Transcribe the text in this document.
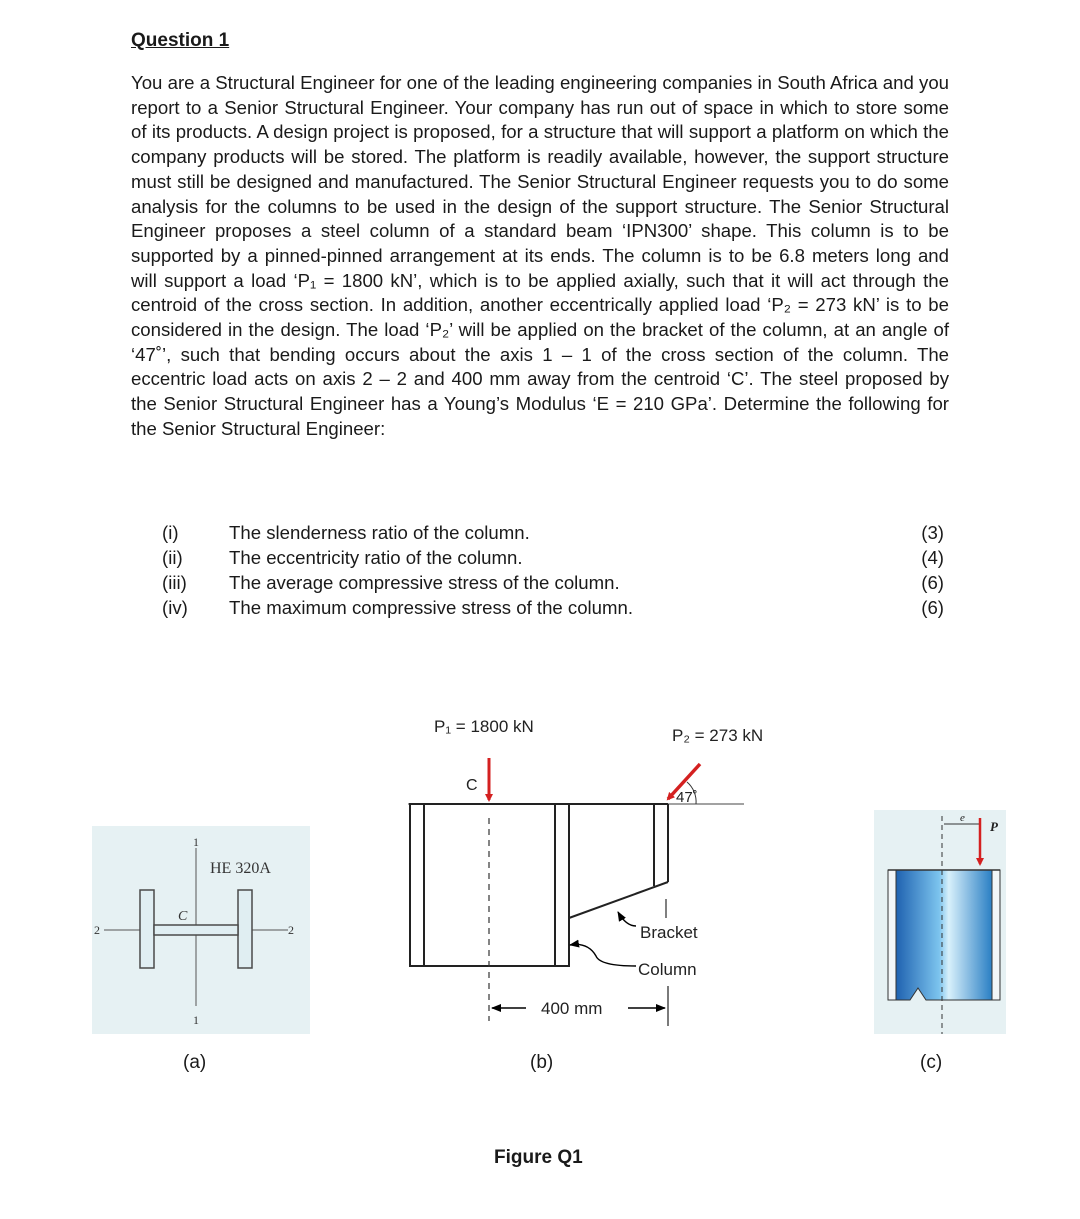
Question 1

You are a Structural Engineer for one of the leading engineering companies in South Africa and you report to a Senior Structural Engineer. Your company has run out of space in which to store some of its products. A design project is proposed, for a structure that will support a platform on which the company products will be stored. The platform is readily available, however, the support structure must still be designed and manufactured. The Senior Structural Engineer requests you to do some analysis for the columns to be used in the design of the support structure. The Senior Structural Engineer proposes a steel column of a standard beam ‘IPN300’ shape. This column is to be supported by a pinned-pinned arrangement at its ends. The column is to be 6.8 meters long and will support a load ‘P₁ = 1800 kN’, which is to be applied axially, such that it will act through the centroid of the cross section. In addition, another eccentrically applied load ‘P₂ = 273 kN’ is to be considered in the design. The load ‘P₂’ will be applied on the bracket of the column, at an angle of ‘47˚’, such that bending occurs about the axis 1 – 1 of the cross section of the column. The eccentric load acts on axis 2 – 2 and 400 mm away from the centroid ‘C’. The steel proposed by the Senior Structural Engineer has a Young’s Modulus ‘E = 210 GPa’. Determine the following for the Senior Structural Engineer:

(i)	The slenderness ratio of the column.	(3)
(ii) The eccentricity ratio of the column.	(4)
(iii) The average compressive stress of the column.	(6)
(iv) The maximum compressive stress of the column.	(6)
1
1
2	2
C
HE 320A
(a)
P₁ = 1800 kN
C
P₂ = 273 kN
47˚
Bracket
Column
400 mm
(b)
e
P
(c)
Figure Q1
